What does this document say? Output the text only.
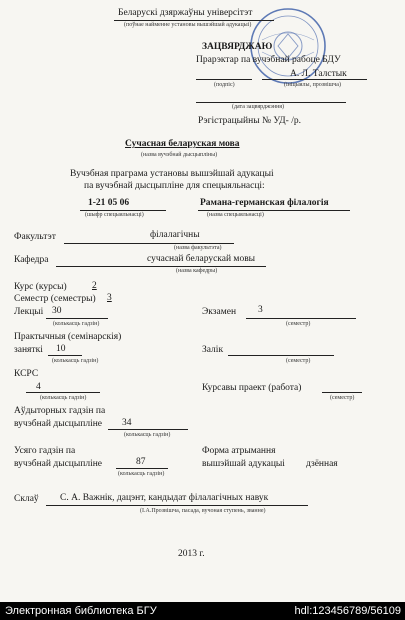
Беларускі дзяржаўны універсітэт
(поўнае найменне установы вышэйшай адукацыі)
ЗАЦВЯРДЖАЮ
Прарэктар па вучэбнай рабоце БДУ
А. Л. Талстык
(подпіс)	(ініцыялы, прозвішча)
(дата зацвярджэння)
Рэгістрацыйны № УД- /р.
Сучасная беларуская мова
(назва вучэбнай дысцыпліны)
Вучэбная праграма установы вышэйшай адукацыі
па вучэбнай дысцыпліне для спецыяльнасці:
1-21 05 06	Рамана-германская філалогія
(шыфр спецыяльнасці)	(назва спецыяльнасці)
Факультэт	філалагічны
(назва факультэта)
Кафедра	сучаснай беларускай мовы
(назва кафедры)
Курс (курсы)	2
Семестр (семестры) 3
Лекцыі 30
(колькасць гадзін)
Экзамен 3
(семестр)
Практычныя (семінарскія)
заняткі 10
(колькасць гадзін)
Залік
(семестр)
КСРС
4
(колькасць гадзін)
Курсавы праект (работа)
(семестр)
Аўдыторных гадзін па
вучэбнай дысцыпліне 34
(колькасць гадзін)
Усяго гадзін па
вучэбнай дысцыпліне	87
(колькасць гадзін)
Форма атрымання
вышэйшай адукацыі дзённая
Склаў С. А. Важнік, дацэнт, кандыдат філалагічных навук
(І.А.Прозвішча, пасада, вучоная ступень, званне)
2013 г.
Электронная библиотека БГУ	hdl:123456789/56109
